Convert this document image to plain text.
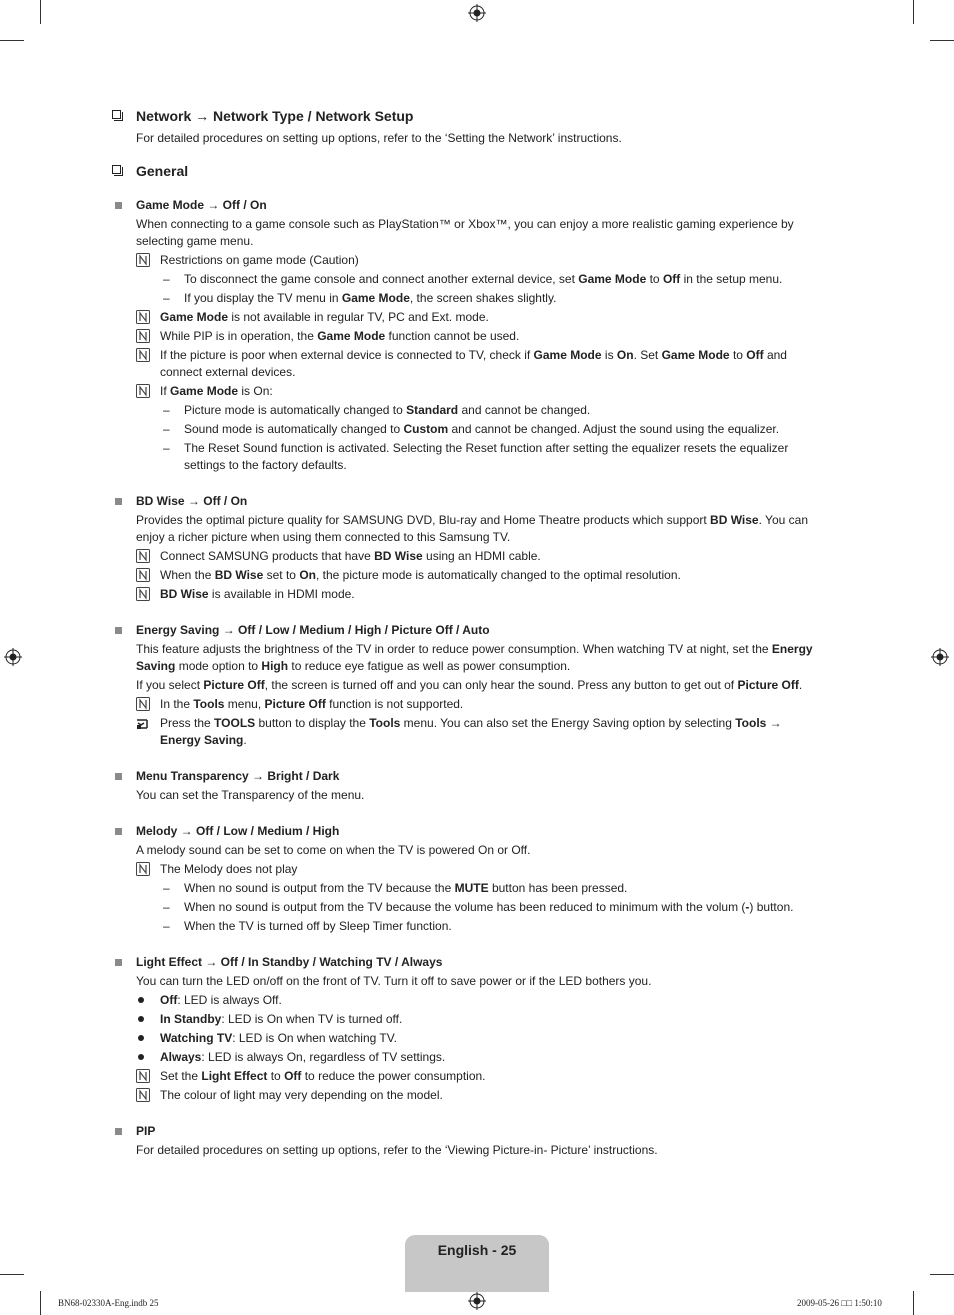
Network → Network Type / Network Setup
For detailed procedures on setting up options, refer to the ‘Setting the Network’ instructions.
General
Game Mode → Off / On
When connecting to a game console such as PlayStation™ or Xbox™, you can enjoy a more realistic gaming experience by selecting game menu.
Restrictions on game mode (Caution)
– To disconnect the game console and connect another external device, set Game Mode to Off in the setup menu.
– If you display the TV menu in Game Mode, the screen shakes slightly.
Game Mode is not available in regular TV, PC and Ext. mode.
While PIP is in operation, the Game Mode function cannot be used.
If the picture is poor when external device is connected to TV, check if Game Mode is On. Set Game Mode to Off and connect external devices.
If Game Mode is On:
– Picture mode is automatically changed to Standard and cannot be changed.
– Sound mode is automatically changed to Custom and cannot be changed. Adjust the sound using the equalizer.
– The Reset Sound function is activated. Selecting the Reset function after setting the equalizer resets the equalizer settings to the factory defaults.
BD Wise → Off / On
Provides the optimal picture quality for SAMSUNG DVD, Blu-ray and Home Theatre products which support BD Wise. You can enjoy a richer picture when using them connected to this Samsung TV.
Connect SAMSUNG products that have BD Wise using an HDMI cable.
When the BD Wise set to On, the picture mode is automatically changed to the optimal resolution.
BD Wise is available in HDMI mode.
Energy Saving → Off / Low / Medium / High / Picture Off / Auto
This feature adjusts the brightness of the TV in order to reduce power consumption. When watching TV at night, set the Energy Saving mode option to High to reduce eye fatigue as well as power consumption.
If you select Picture Off, the screen is turned off and you can only hear the sound. Press any button to get out of Picture Off.
In the Tools menu, Picture Off function is not supported.
Press the TOOLS button to display the Tools menu. You can also set the Energy Saving option by selecting Tools → Energy Saving.
Menu Transparency → Bright / Dark
You can set the Transparency of the menu.
Melody → Off / Low / Medium / High
A melody sound can be set to come on when the TV is powered On or Off.
The Melody does not play
– When no sound is output from the TV because the MUTE button has been pressed.
– When no sound is output from the TV because the volume has been reduced to minimum with the volum (-) button.
– When the TV is turned off by Sleep Timer function.
Light Effect → Off / In Standby / Watching TV / Always
You can turn the LED on/off on the front of TV. Turn it off to save power or if the LED bothers you.
Off: LED is always Off.
In Standby: LED is On when TV is turned off.
Watching TV: LED is On when watching TV.
Always: LED is always On, regardless of TV settings.
Set the Light Effect to Off to reduce the power consumption.
The colour of light may very depending on the model.
PIP
For detailed procedures on setting up options, refer to the ‘Viewing Picture-in- Picture’ instructions.
English - 25
BN68-02330A-Eng.indb 25	2009-05-26 □□ 1:50:10
